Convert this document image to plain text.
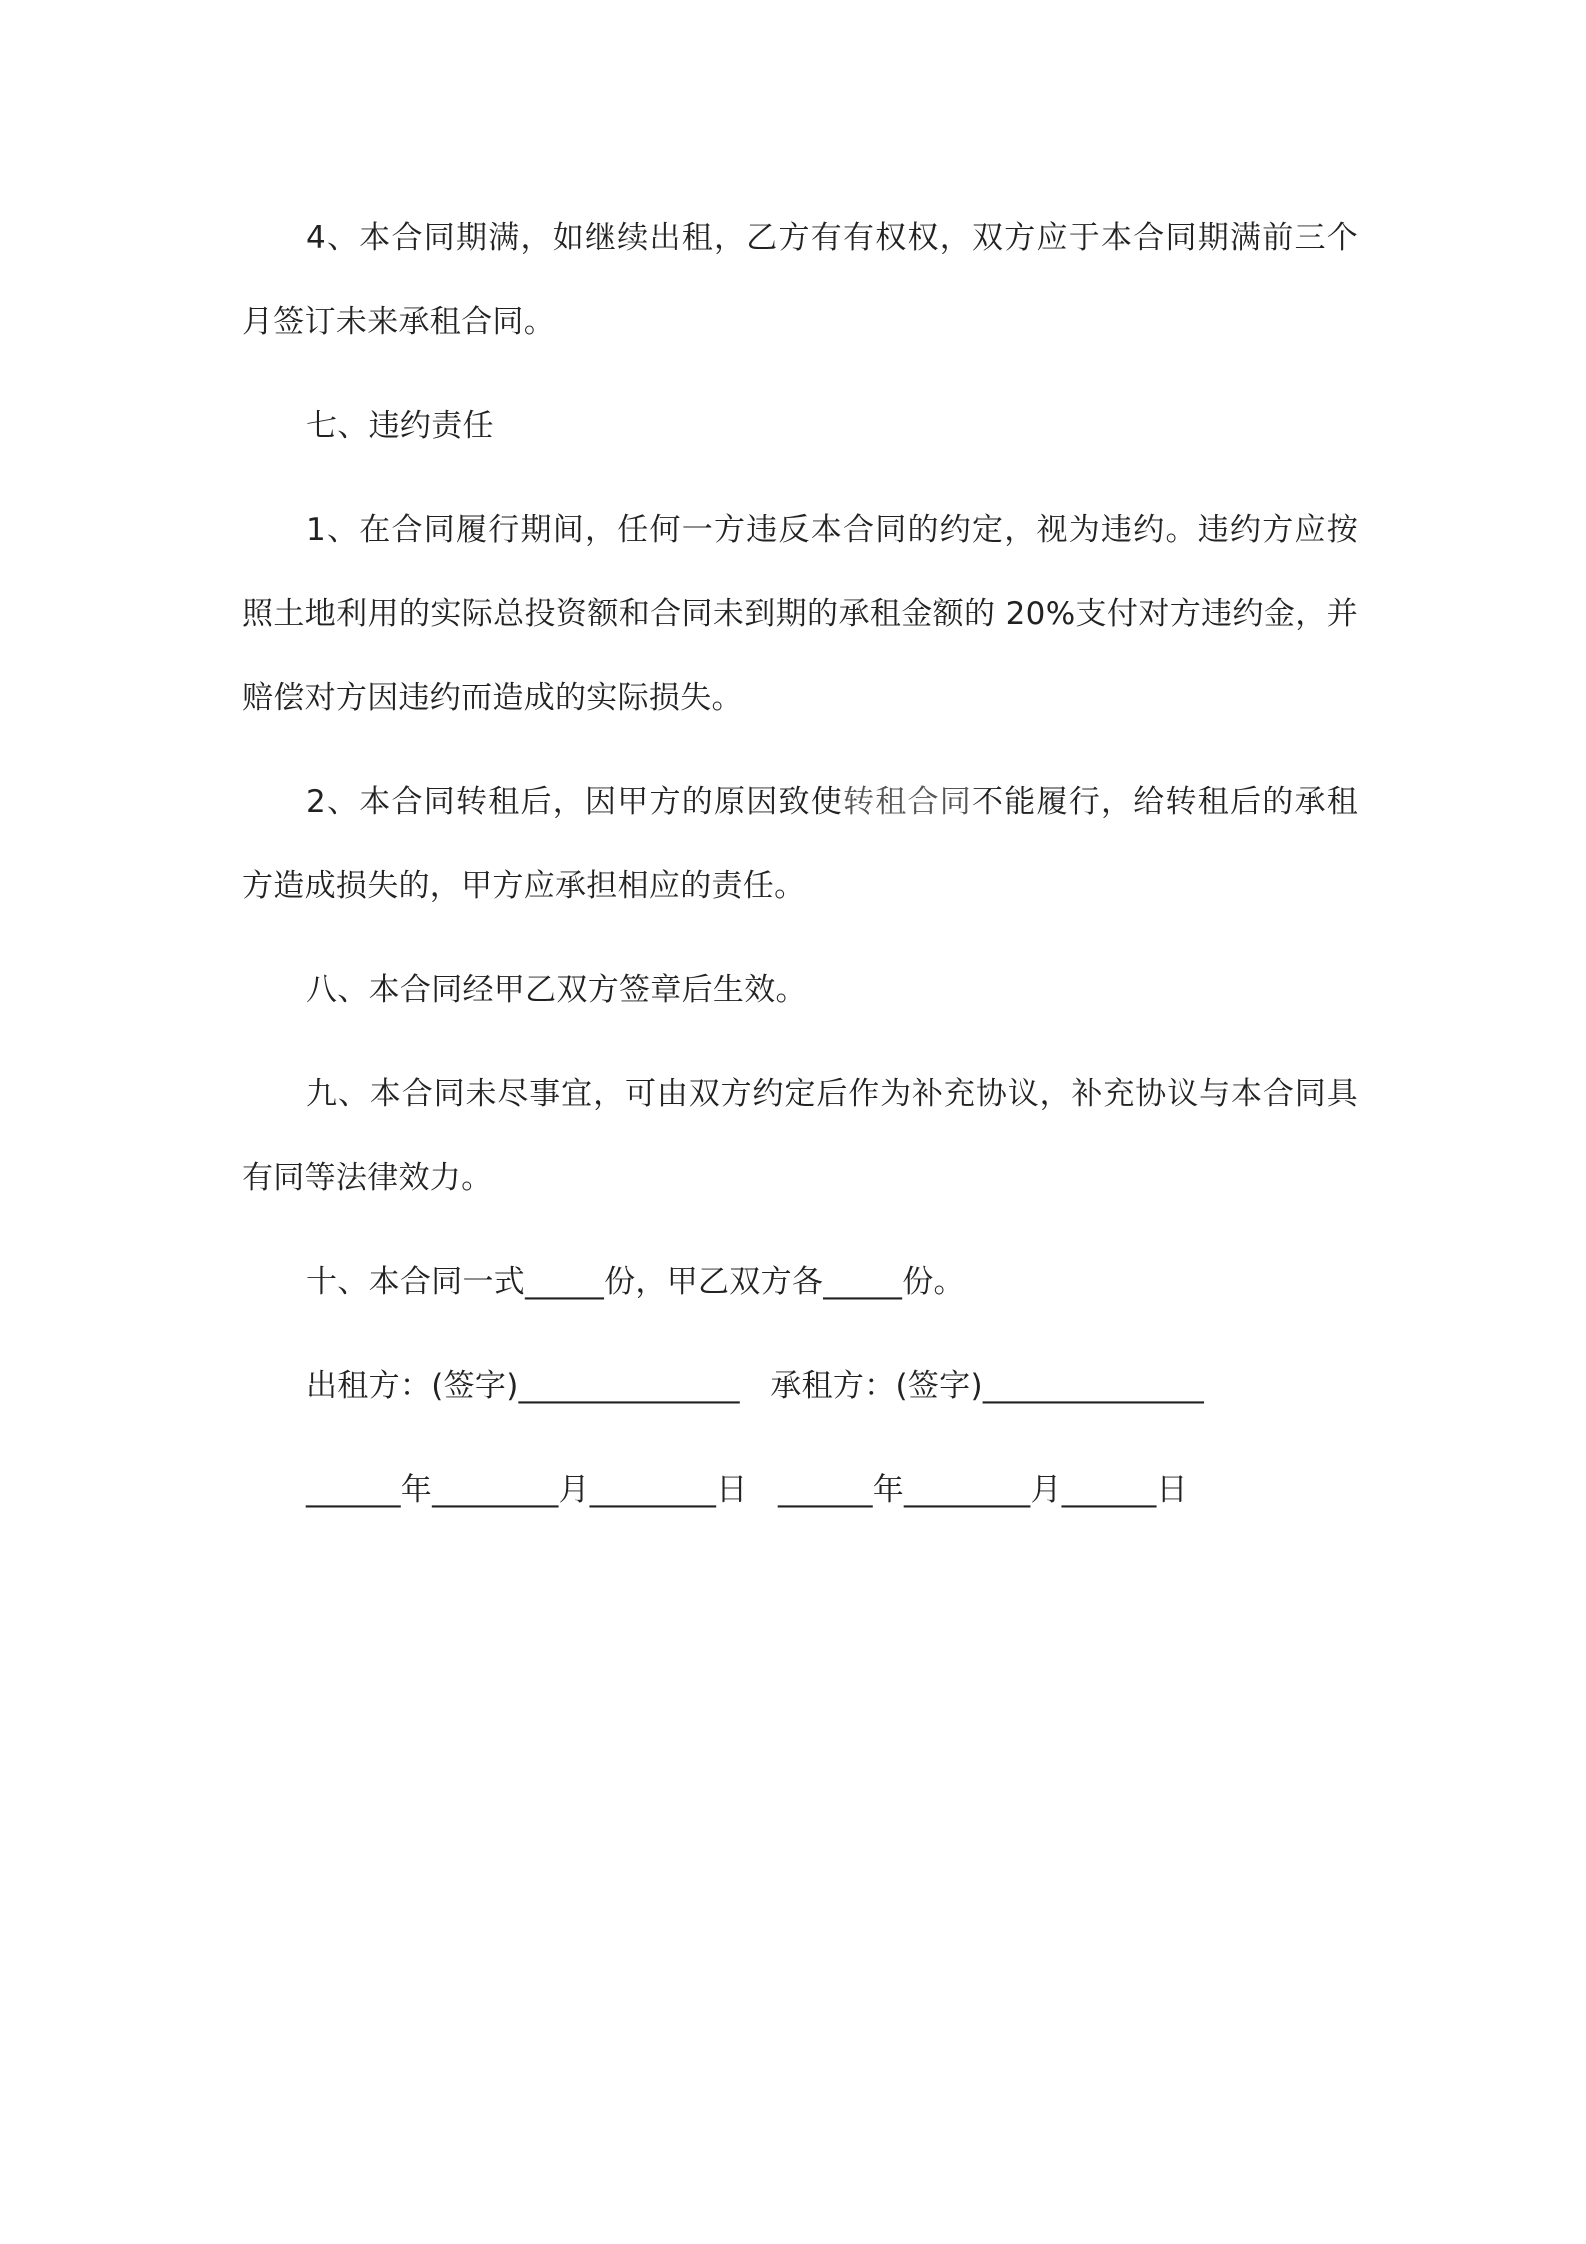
4、本合同期满，如继续出租，乙方有有权权，双方应于本合同期满前三个月签订未来承租合同。

七、违约责任

1、在合同履行期间，任何一方违反本合同的约定，视为违约。违约方应按照土地利用的实际总投资额和合同未到期的承租金额的 20%支付对方违约金，并赔偿对方因违约而造成的实际损失。

2、本合同转租后，因甲方的原因致使转租合同不能履行，给转租后的承租方造成损失的，甲方应承担相应的责任。

八、本合同经甲乙双方签章后生效。

九、本合同未尽事宜，可由双方约定后作为补充协议，补充协议与本合同具有同等法律效力。

十、本合同一式_____份，甲乙双方各_____份。

出租方：(签字)______________   承租方：(签字)______________

______年________月________日   ______年________月______日
